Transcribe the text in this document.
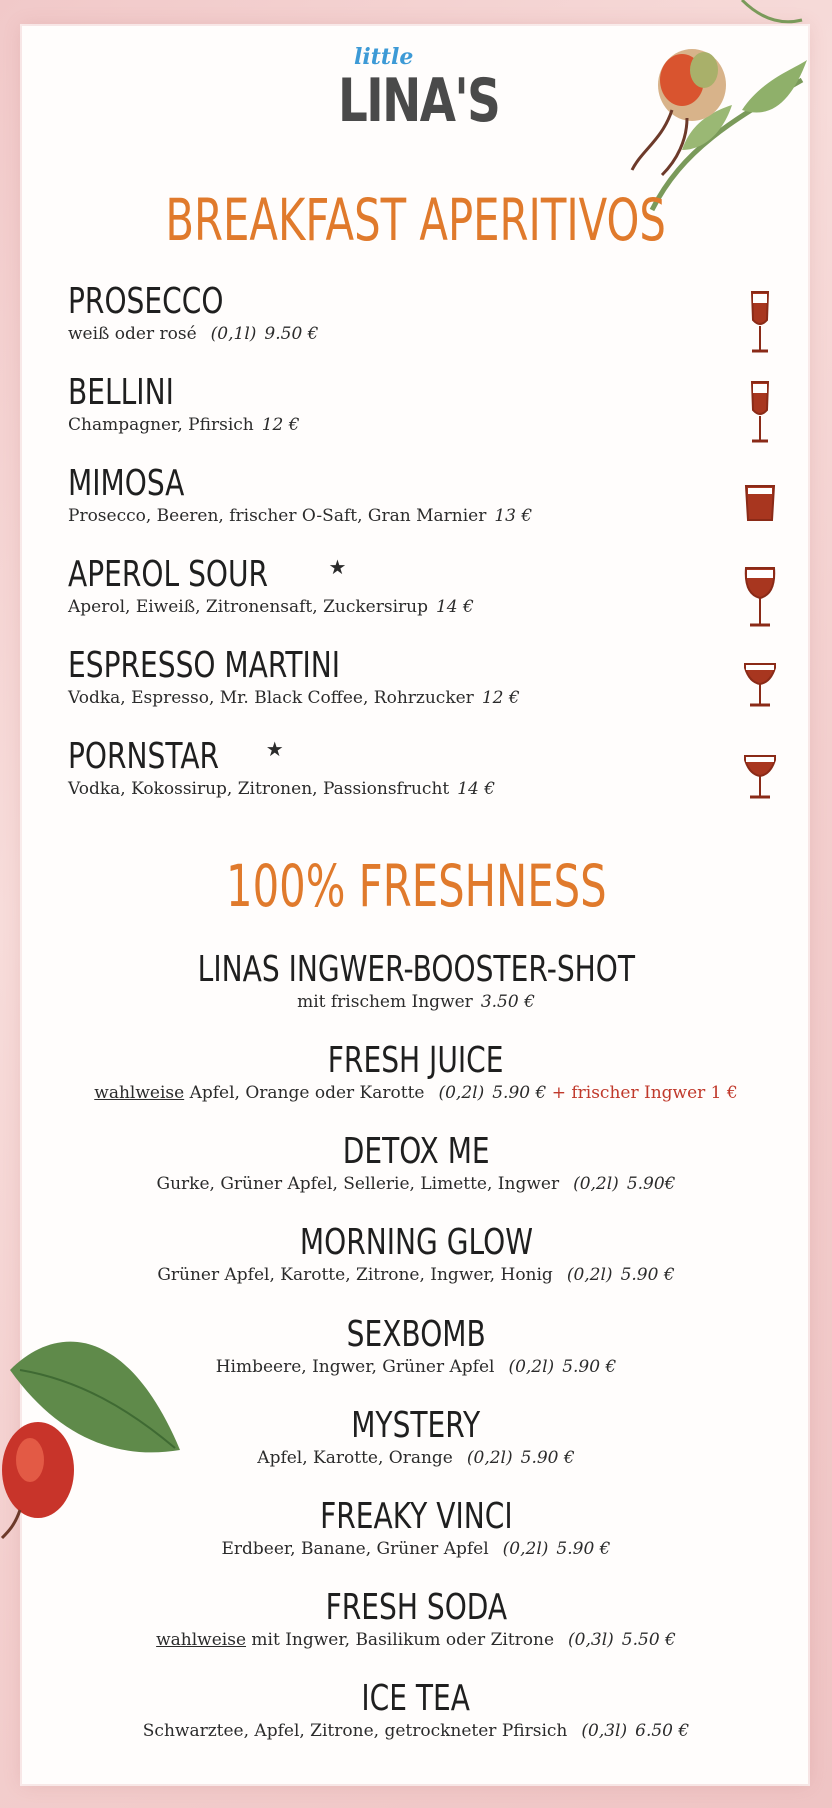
little
LINA'S
BREAKFAST APERITIVOS
PROSECCO
weiß oder rosé (0,1l) 9.50 €
BELLINI
Champagner, Pfirsich 12 €
MIMOSA
Prosecco, Beeren, frischer O-Saft, Gran Marnier 13 €
APEROL SOUR	★
Aperol, Eiweiß, Zitronensaft, Zuckersirup 14 €
ESPRESSO MARTINI
Vodka, Espresso, Mr. Black Coffee, Rohrzucker 12 €
PORNSTAR ★
Vodka, Kokossirup, Zitronen, Passionsfrucht 14 €
100% FRESHNESS
LINAS INGWER-BOOSTER-SHOT
mit frischem Ingwer 3.50 €
FRESH JUICE
wahlweise Apfel, Orange oder Karotte (0,2l) 5.90 € + frischer Ingwer 1 €
DETOX ME
Gurke, Grüner Apfel, Sellerie, Limette, Ingwer (0,2l) 5.90€
MORNING GLOW
Grüner Apfel, Karotte, Zitrone, Ingwer, Honig (0,2l) 5.90 €
SEXBOMB
Himbeere, Ingwer, Grüner Apfel (0,2l) 5.90 €
MYSTERY
Apfel, Karotte, Orange (0,2l) 5.90 €
FREAKY VINCI
Erdbeer, Banane, Grüner Apfel (0,2l) 5.90 €
FRESH SODA
wahlweise mit Ingwer, Basilikum oder Zitrone (0,3l) 5.50 €
ICE TEA
Schwarztee, Apfel, Zitrone, getrockneter Pfirsich (0,3l) 6.50 €
